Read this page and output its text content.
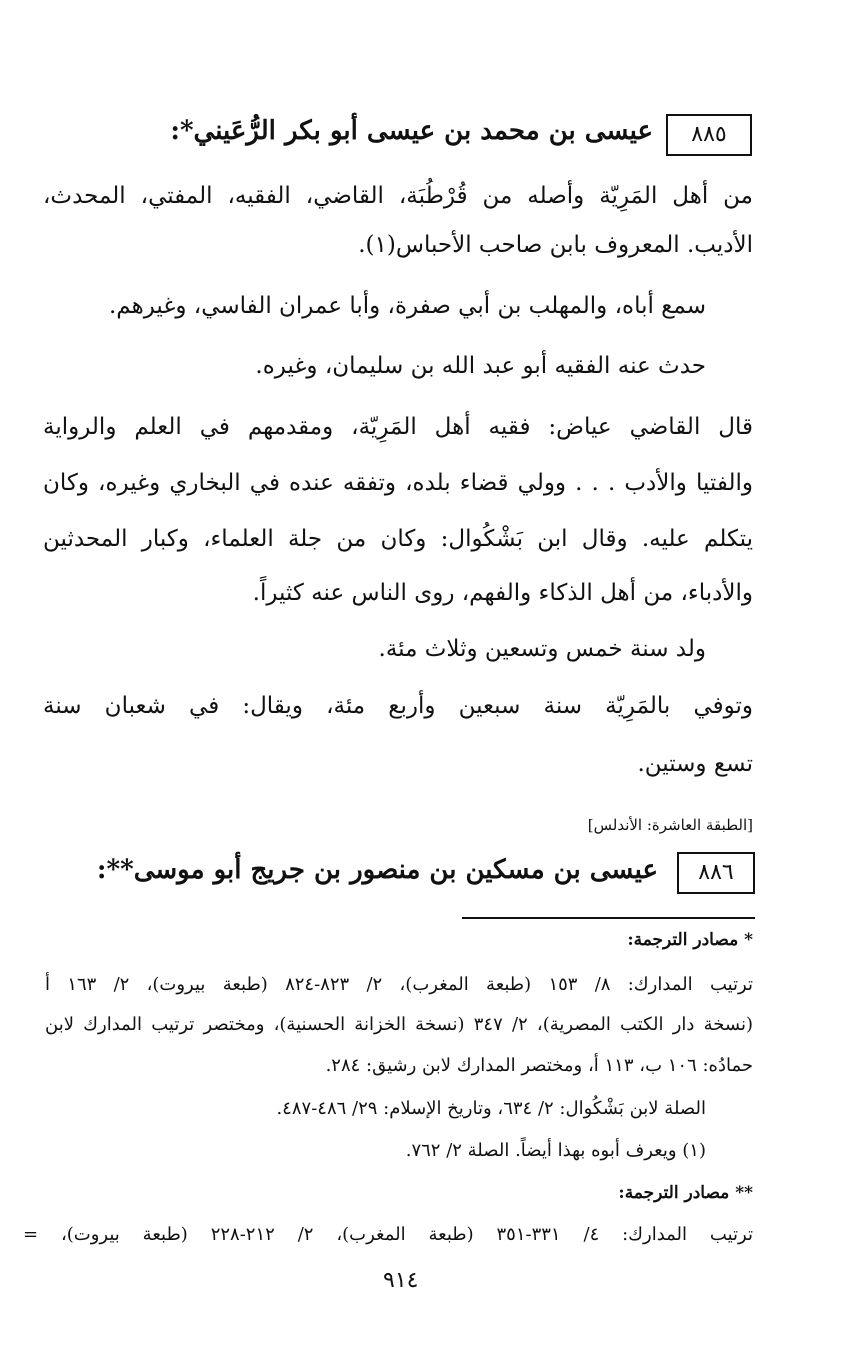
٨٨٥
عيسى بن محمد بن عيسى أبو بكر الرُّعَيني*:
من أهل المَرِيّة وأصله من قُرْطُبَة، القاضي، الفقيه، المفتي، المحدث،
الأديب. المعروف بابن صاحب الأحباس(١).
سمع أباه، والمهلب بن أبي صفرة، وأبا عمران الفاسي، وغيرهم.
حدث عنه الفقيه أبو عبد الله بن سليمان، وغيره.
قال القاضي عياض: فقيه أهل المَرِيّة، ومقدمهم في العلم والرواية
والفتيا والأدب . . . وولي قضاء بلده، وتفقه عنده في البخاري وغيره، وكان
يتكلم عليه. وقال ابن بَشْكُوال: وكان من جلة العلماء، وكبار المحدثين
والأدباء، من أهل الذكاء والفهم، روى الناس عنه كثيراً.
ولد سنة خمس وتسعين وثلاث مئة.
وتوفي بالمَرِيّة سنة سبعين وأربع مئة، ويقال: في شعبان سنة
تسع وستين.
[الطبقة العاشرة: الأندلس]
٨٨٦
عيسى بن مسكين بن منصور بن جريج أبو موسى**:
* مصادر الترجمة:
ترتيب المدارك: ٨/ ١٥٣ (طبعة المغرب)، ٢/ ٨٢٣-٨٢٤ (طبعة بيروت)، ٢/ ١٦٣ أ
(نسخة دار الكتب المصرية)، ٢/ ٣٤٧ (نسخة الخزانة الحسنية)، ومختصر ترتيب المدارك لابن
حمادُه: ١٠٦ ب، ١١٣ أ، ومختصر المدارك لابن رشيق: ٢٨٤.
الصلة لابن بَشْكُوال: ٢/ ٦٣٤، وتاريخ الإسلام: ٢٩/ ٤٨٦-٤٨٧.
(١) ويعرف أبوه بهذا أيضاً. الصلة ٢/ ٧٦٢.
** مصادر الترجمة:
ترتيب المدارك: ٤/ ٣٣١-٣٥١ (طبعة المغرب)، ٢/ ٢١٢-٢٢٨ (طبعة بيروت)، =
٩١٤
